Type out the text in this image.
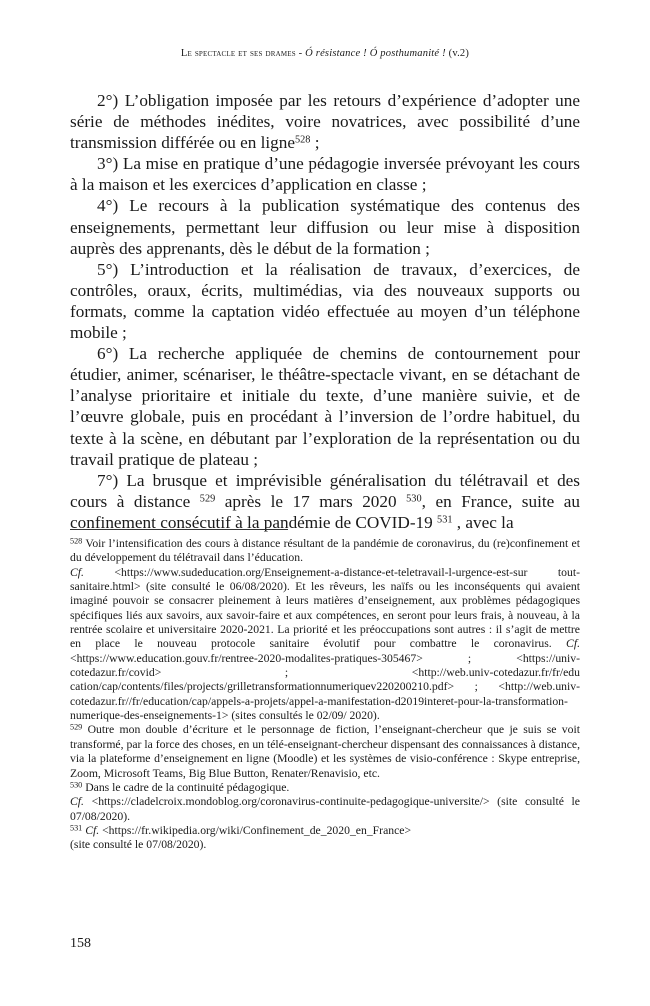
Le spectacle et ses drames - Ó résistance ! Ó posthumanité ! (v.2)

2°) L’obligation imposée par les retours d’expérience d’adopter une série de méthodes inédites, voire novatrices, avec possibilité d’une transmission différée ou en ligne$^{528}$ ;

3°) La mise en pratique d’une pédagogie inversée prévoyant les cours à la maison et les exercices d’application en classe ;

4°) Le recours à la publication systématique des contenus des enseignements, permettant leur diffusion ou leur mise à disposition auprès des apprenants, dès le début de la formation ;

5°) L’introduction et la réalisation de travaux, d’exercices, de contrôles, oraux, écrits, multimédias, via des nouveaux supports ou formats, comme la captation vidéo effectuée au moyen d’un téléphone mobile ;

6°) La recherche appliquée de chemins de contournement pour étudier, animer, scénariser, le théâtre-spectacle vivant, en se détachant de l’analyse prioritaire et initiale du texte, d’une manière suivie, et de l’œuvre globale, puis en procédant à l’inversion de l’ordre habituel, du texte à la scène, en débutant par l’exploration de la représentation ou du travail pratique de plateau ;

7°) La brusque et imprévisible généralisation du télétravail et des cours à distance $^{529}$ après le 17 mars 2020 $^{530}$, en France, suite au confinement consécutif à la pandémie de COVID-19 $^{531}$ , avec la

$^{528}$ Voir l’intensification des cours à distance résultant de la pandémie de coronavirus, du (re)confinement et du développement du télétravail dans l’éducation.
Cf. <https://www.sudeducation.org/Enseignement-a-distance-et-teletravail-l-urgence-est-sur tout-sanitaire.html> (site consulté le 06/08/2020). Et les rêveurs, les naïfs ou les inconséquents qui avaient imaginé pouvoir se consacrer pleinement à leurs matières d’enseignement, aux problèmes pédagogiques spécifiques liés aux savoirs, aux savoir-faire et aux compétences, en seront pour leurs frais, à nouveau, à la rentrée scolaire et universitaire 2020-2021. La priorité et les préoccupations sont autres : il s’agit de mettre en place le nouveau protocole sanitaire évolutif pour combattre le coronavirus. Cf. <https://www.education.gouv.fr/rentree-2020-modalites-pratiques-305467> ; <https://univ-cotedazur.fr/covid> ; <http://web.univ-cotedazur.fr/fr/edu cation/cap/contents/files/projects/grilletransformationnumeriquev220200210.pdf> ; <http://web.univ-cotedazur.fr//fr/education/cap/appels-a-projets/appel-a-manifestation-d2019interet-pour-la-transformation-numerique-des-enseignements-1> (sites consultés le 02/09/ 2020).

$^{529}$ Outre mon double d’écriture et le personnage de fiction, l’enseignant-chercheur que je suis se voit transformé, par la force des choses, en un télé-enseignant-chercheur dispensant des connaissances à distance, via la plateforme d’enseignement en ligne (Moodle) et les systèmes de visio-conférence : Skype entreprise, Zoom, Microsoft Teams, Big Blue Button, Renater/Renavisio, etc.

$^{530}$ Dans le cadre de la continuité pédagogique.
Cf. <https://cladelcroix.mondoblog.org/coronavirus-continuite-pedagogique-universite/> (site consulté le 07/08/2020).

$^{531}$ Cf. <https://fr.wikipedia.org/wiki/Confinement_de_2020_en_France>
(site consulté le 07/08/2020).

158
